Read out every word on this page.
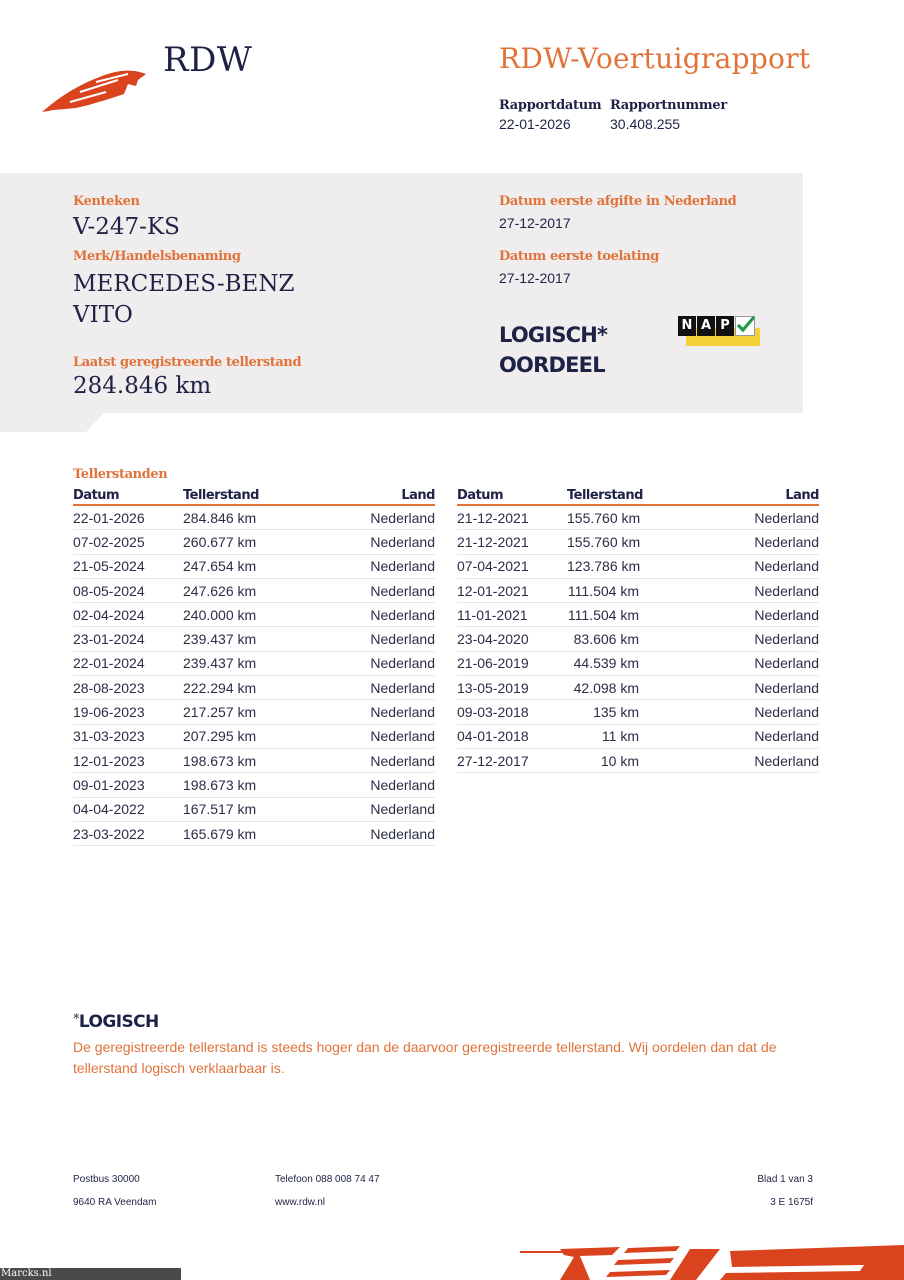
RDW	RDW-Voertuigrapport
Rapportdatum
22-01-2026
Rapportnummer
30.408.255
Kenteken
V-247-KS
Merk/Handelsbenaming
MERCEDES-BENZ
VITO
Laatst geregistreerde tellerstand
284.846 km
Datum eerste afgifte in Nederland
27-12-2017
Datum eerste toelating
27-12-2017
LOGISCH*
OORDEEL
N A P
Tellerstanden
Datum	Tellerstand	Land
22-01-2026	284.846 km	Nederland
07-02-2025	260.677 km	Nederland
21-05-2024	247.654 km	Nederland
08-05-2024	247.626 km	Nederland
02-04-2024	240.000 km	Nederland
23-01-2024	239.437 km	Nederland
22-01-2024	239.437 km	Nederland
28-08-2023	222.294 km	Nederland
19-06-2023	217.257 km	Nederland
31-03-2023	207.295 km	Nederland
12-01-2023	198.673 km	Nederland
09-01-2023	198.673 km	Nederland
04-04-2022	167.517 km	Nederland
23-03-2022	165.679 km	Nederland
Datum	Tellerstand	Land
21-12-2021	155.760 km	Nederland
21-12-2021	155.760 km	Nederland
07-04-2021	123.786 km	Nederland
12-01-2021	111.504 km	Nederland
11-01-2021	111.504 km	Nederland
23-04-2020	83.606 km	Nederland
21-06-2019	44.539 km	Nederland
13-05-2019	42.098 km	Nederland
09-03-2018	135 km	Nederland
04-01-2018	11 km	Nederland
27-12-2017	10 km	Nederland
*LOGISCH
De geregistreerde tellerstand is steeds hoger dan de daarvoor geregistreerde tellerstand. Wij oordelen dan dat de tellerstand logisch verklaarbaar is.
Postbus 30000
9640 RA Veendam
Telefoon 088 008 74 47
www.rdw.nl
Blad 1 van 3
3 E 1675f
Marcks.nl
